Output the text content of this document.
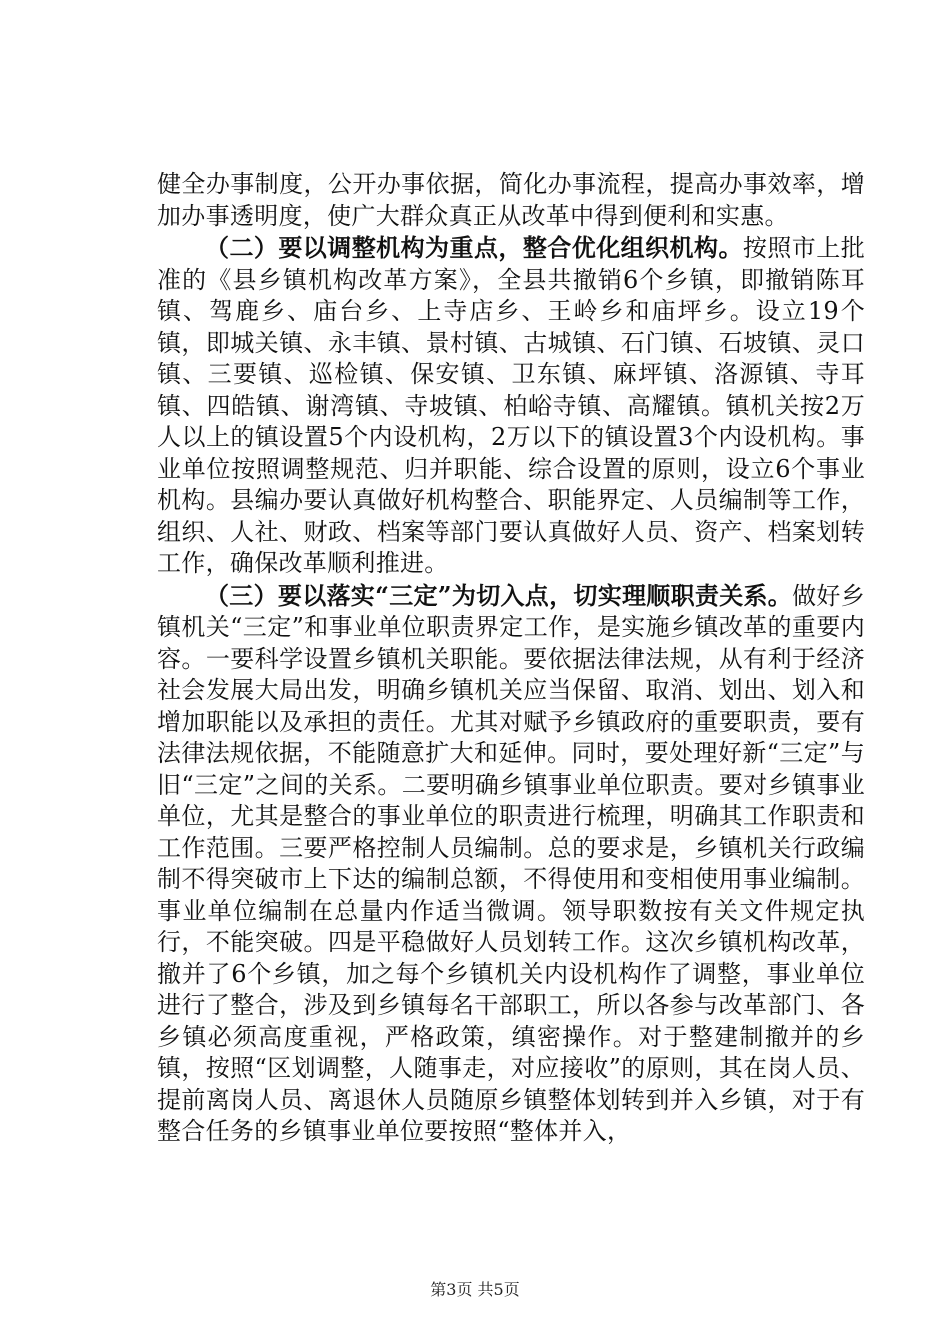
健全办事制度，公开办事依据，简化办事流程，提高办事效率，增加办事透明度，使广大群众真正从改革中得到便利和实惠。

（二）要以调整机构为重点，整合优化组织机构。按照市上批准的《县乡镇机构改革方案》，全县共撤销6个乡镇，即撤销陈耳镇、驾鹿乡、庙台乡、上寺店乡、王岭乡和庙坪乡。设立19个镇，即城关镇、永丰镇、景村镇、古城镇、石门镇、石坡镇、灵口镇、三要镇、巡检镇、保安镇、卫东镇、麻坪镇、洛源镇、寺耳镇、四皓镇、谢湾镇、寺坡镇、柏峪寺镇、高耀镇。镇机关按2万人以上的镇设置5个内设机构，2万以下的镇设置3个内设机构。事业单位按照调整规范、归并职能、综合设置的原则，设立6个事业机构。县编办要认真做好机构整合、职能界定、人员编制等工作，组织、人社、财政、档案等部门要认真做好人员、资产、档案划转工作，确保改革顺利推进。

（三）要以落实“三定”为切入点，切实理顺职责关系。做好乡镇机关“三定”和事业单位职责界定工作，是实施乡镇改革的重要内容。一要科学设置乡镇机关职能。要依据法律法规，从有利于经济社会发展大局出发，明确乡镇机关应当保留、取消、划出、划入和增加职能以及承担的责任。尤其对赋予乡镇政府的重要职责，要有法律法规依据，不能随意扩大和延伸。同时，要处理好新“三定”与旧“三定”之间的关系。二要明确乡镇事业单位职责。要对乡镇事业单位，尤其是整合的事业单位的职责进行梳理，明确其工作职责和工作范围。三要严格控制人员编制。总的要求是，乡镇机关行政编制不得突破市上下达的编制总额，不得使用和变相使用事业编制。事业单位编制在总量内作适当微调。领导职数按有关文件规定执行，不能突破。四是平稳做好人员划转工作。这次乡镇机构改革，撤并了6个乡镇，加之每个乡镇机关内设机构作了调整，事业单位进行了整合，涉及到乡镇每名干部职工，所以各参与改革部门、各乡镇必须高度重视，严格政策，缜密操作。对于整建制撤并的乡镇，按照“区划调整，人随事走，对应接收”的原则，其在岗人员、提前离岗人员、离退休人员随原乡镇整体划转到并入乡镇，对于有整合任务的乡镇事业单位要按照“整体并入，

第3页 共5页
